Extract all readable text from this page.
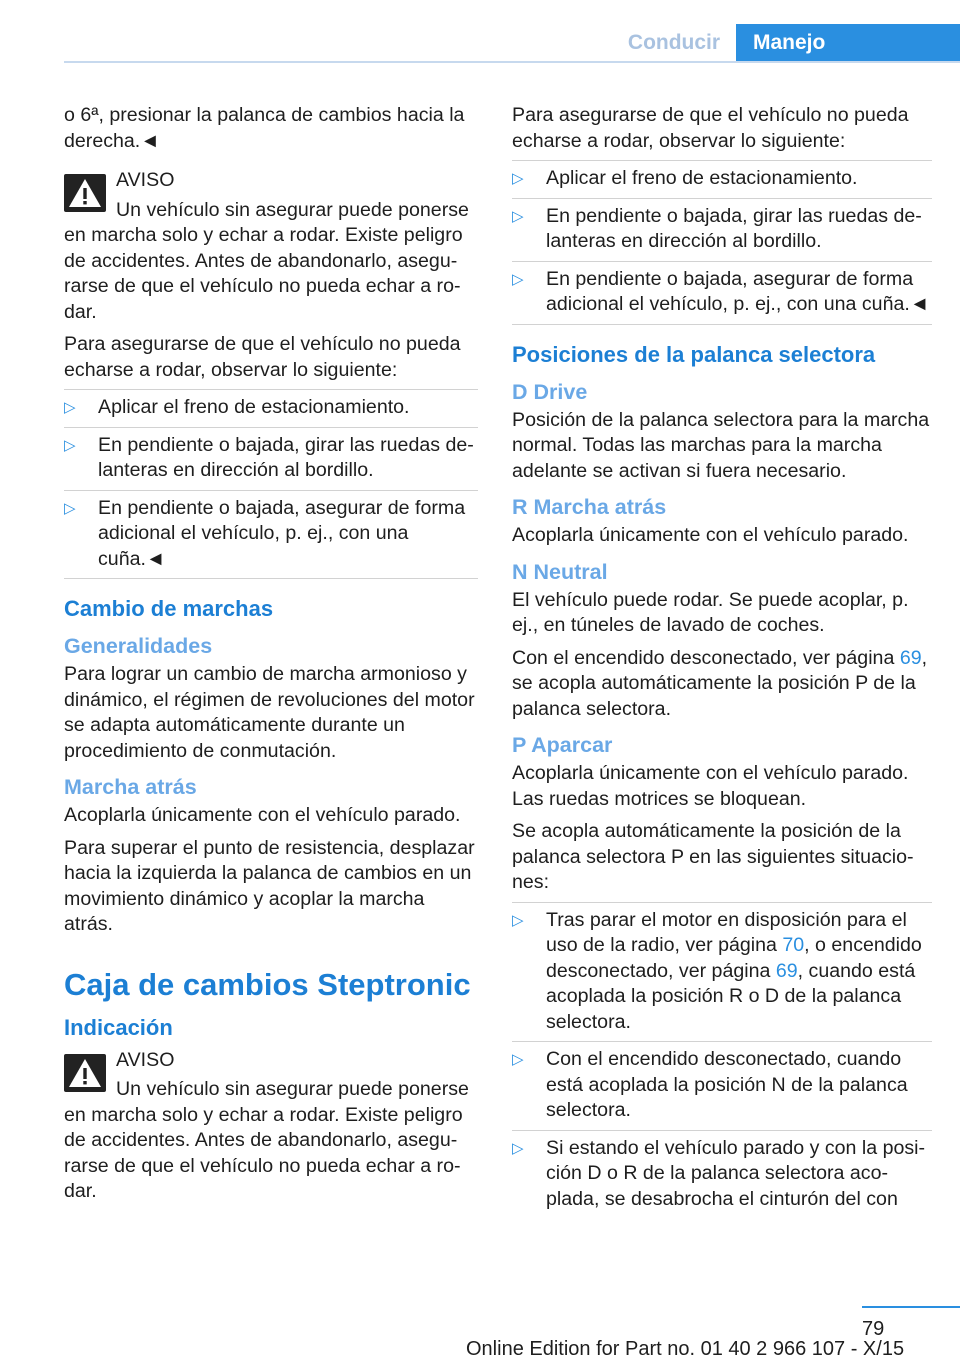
Conducir	Manejo

o 6ª, presionar la palanca de cambios hacia la derecha.◄

AVISO

Un vehículo sin asegurar puede ponerse en marcha solo y echar a rodar. Existe peligro de accidentes. Antes de abandonarlo, asegurarse de que el vehículo no pueda echar a rodar.

Para asegurarse de que el vehículo no pueda echarse a rodar, observar lo siguiente:

▷	Aplicar el freno de estacionamiento.
▷	En pendiente o bajada, girar las ruedas delanteras en dirección al bordillo.
▷	En pendiente o bajada, asegurar de forma adicional el vehículo, p. ej., con una cuña.◄
Cambio de marchas
Generalidades

Para lograr un cambio de marcha armonioso y dinámico, el régimen de revoluciones del motor se adapta automáticamente durante un procedimiento de conmutación.

Marcha atrás

Acoplarla únicamente con el vehículo parado.

Para superar el punto de resistencia, desplazar hacia la izquierda la palanca de cambios en un movimiento dinámico y acoplar la marcha atrás.

Caja de cambios Steptronic
Indicación
AVISO

Un vehículo sin asegurar puede ponerse en marcha solo y echar a rodar. Existe peligro de accidentes. Antes de abandonarlo, asegurarse de que el vehículo no pueda echar a rodar.

Para asegurarse de que el vehículo no pueda echarse a rodar, observar lo siguiente:

▷	Aplicar el freno de estacionamiento.
▷	En pendiente o bajada, girar las ruedas delanteras en dirección al bordillo.
▷	En pendiente o bajada, asegurar de forma adicional el vehículo, p. ej., con una cuña.◄
Posiciones de la palanca selectora
D Drive

Posición de la palanca selectora para la marcha normal. Todas las marchas para la marcha adelante se activan si fuera necesario.

R Marcha atrás

Acoplarla únicamente con el vehículo parado.

N Neutral

El vehículo puede rodar. Se puede acoplar, p. ej., en túneles de lavado de coches.

Con el encendido desconectado, ver página 69, se acopla automáticamente la posición P de la palanca selectora.

P Aparcar

Acoplarla únicamente con el vehículo parado. Las ruedas motrices se bloquean.

Se acopla automáticamente la posición de la palanca selectora P en las siguientes situaciones:

▷	Tras parar el motor en disposición para el uso de la radio, ver página 70, o encendido desconectado, ver página 69, cuando está acoplada la posición R o D de la palanca selectora.
▷	Con el encendido desconectado, cuando está acoplada la posición N de la palanca selectora.
▷	Si estando el vehículo parado y con la posición D o R de la palanca selectora acoplada, se desabrocha el cinturón del con
79
Online Edition for Part no. 01 40 2 966 107 - X/15
